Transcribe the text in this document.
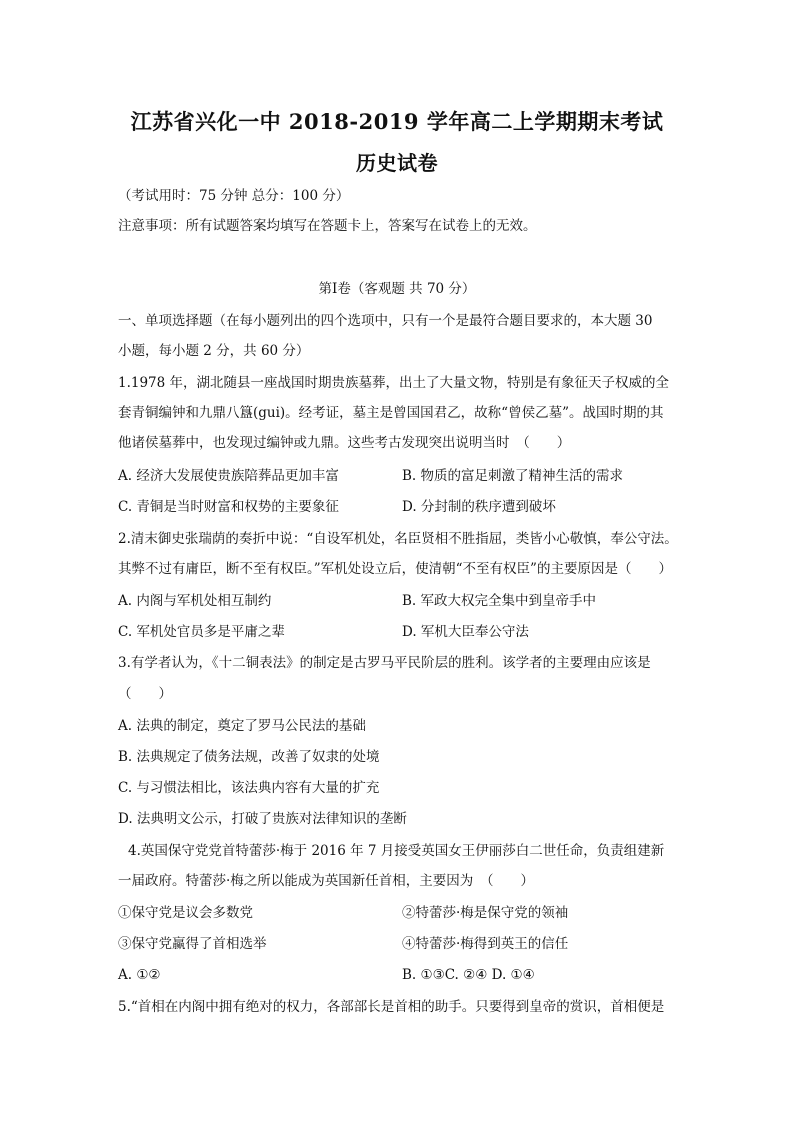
江苏省兴化一中 2018-2019 学年高二上学期期末考试
历史试卷
（考试用时：75 分钟 总分：100 分）
注意事项：所有试题答案均填写在答题卡上，答案写在试卷上的无效。
第Ⅰ卷（客观题 共 70 分）
一、单项选择题（在每小题列出的四个选项中，只有一个是最符合题目要求的，本大题 30
小题，每小题 2 分，共 60 分）
1.1978 年，湖北随县一座战国时期贵族墓葬，出土了大量文物，特别是有象征天子权威的全
套青铜编钟和九鼎八簋(gui)。经考证，墓主是曾国国君乙，故称“曾侯乙墓”。战国时期的其
他诸侯墓葬中，也发现过编钟或九鼎。这些考古发现突出说明当时　（　　）
A. 经济大发展使贵族陪葬品更加丰富	B. 物质的富足刺激了精神生活的需求
C. 青铜是当时财富和权势的主要象征	D. 分封制的秩序遭到破坏
2.清末御史张瑞荫的奏折中说：“自设军机处，名臣贤相不胜指屈，类皆小心敬慎，奉公守法。
其弊不过有庸臣，断不至有权臣。”军机处设立后，使清朝“不至有权臣”的主要原因是（　　）
A. 内阁与军机处相互制约	B. 军政大权完全集中到皇帝手中
C. 军机处官员多是平庸之辈	D. 军机大臣奉公守法
3.有学者认为，《十二铜表法》的制定是古罗马平民阶层的胜利。该学者的主要理由应该是
（　　）
A. 法典的制定，奠定了罗马公民法的基础
B. 法典规定了债务法规，改善了奴隶的处境
C. 与习惯法相比，该法典内容有大量的扩充
D. 法典明文公示，打破了贵族对法律知识的垄断
4.英国保守党党首特蕾莎·梅于 2016 年 7 月接受英国女王伊丽莎白二世任命，负责组建新
一届政府。特蕾莎·梅之所以能成为英国新任首相，主要因为　（　　）
①保守党是议会多数党	②特蕾莎·梅是保守党的领袖
③保守党赢得了首相选举	④特蕾莎·梅得到英王的信任
A. ①②	B. ①③C. ②④ D. ①④
5.“首相在内阁中拥有绝对的权力，各部部长是首相的助手。只要得到皇帝的赏识，首相便是
